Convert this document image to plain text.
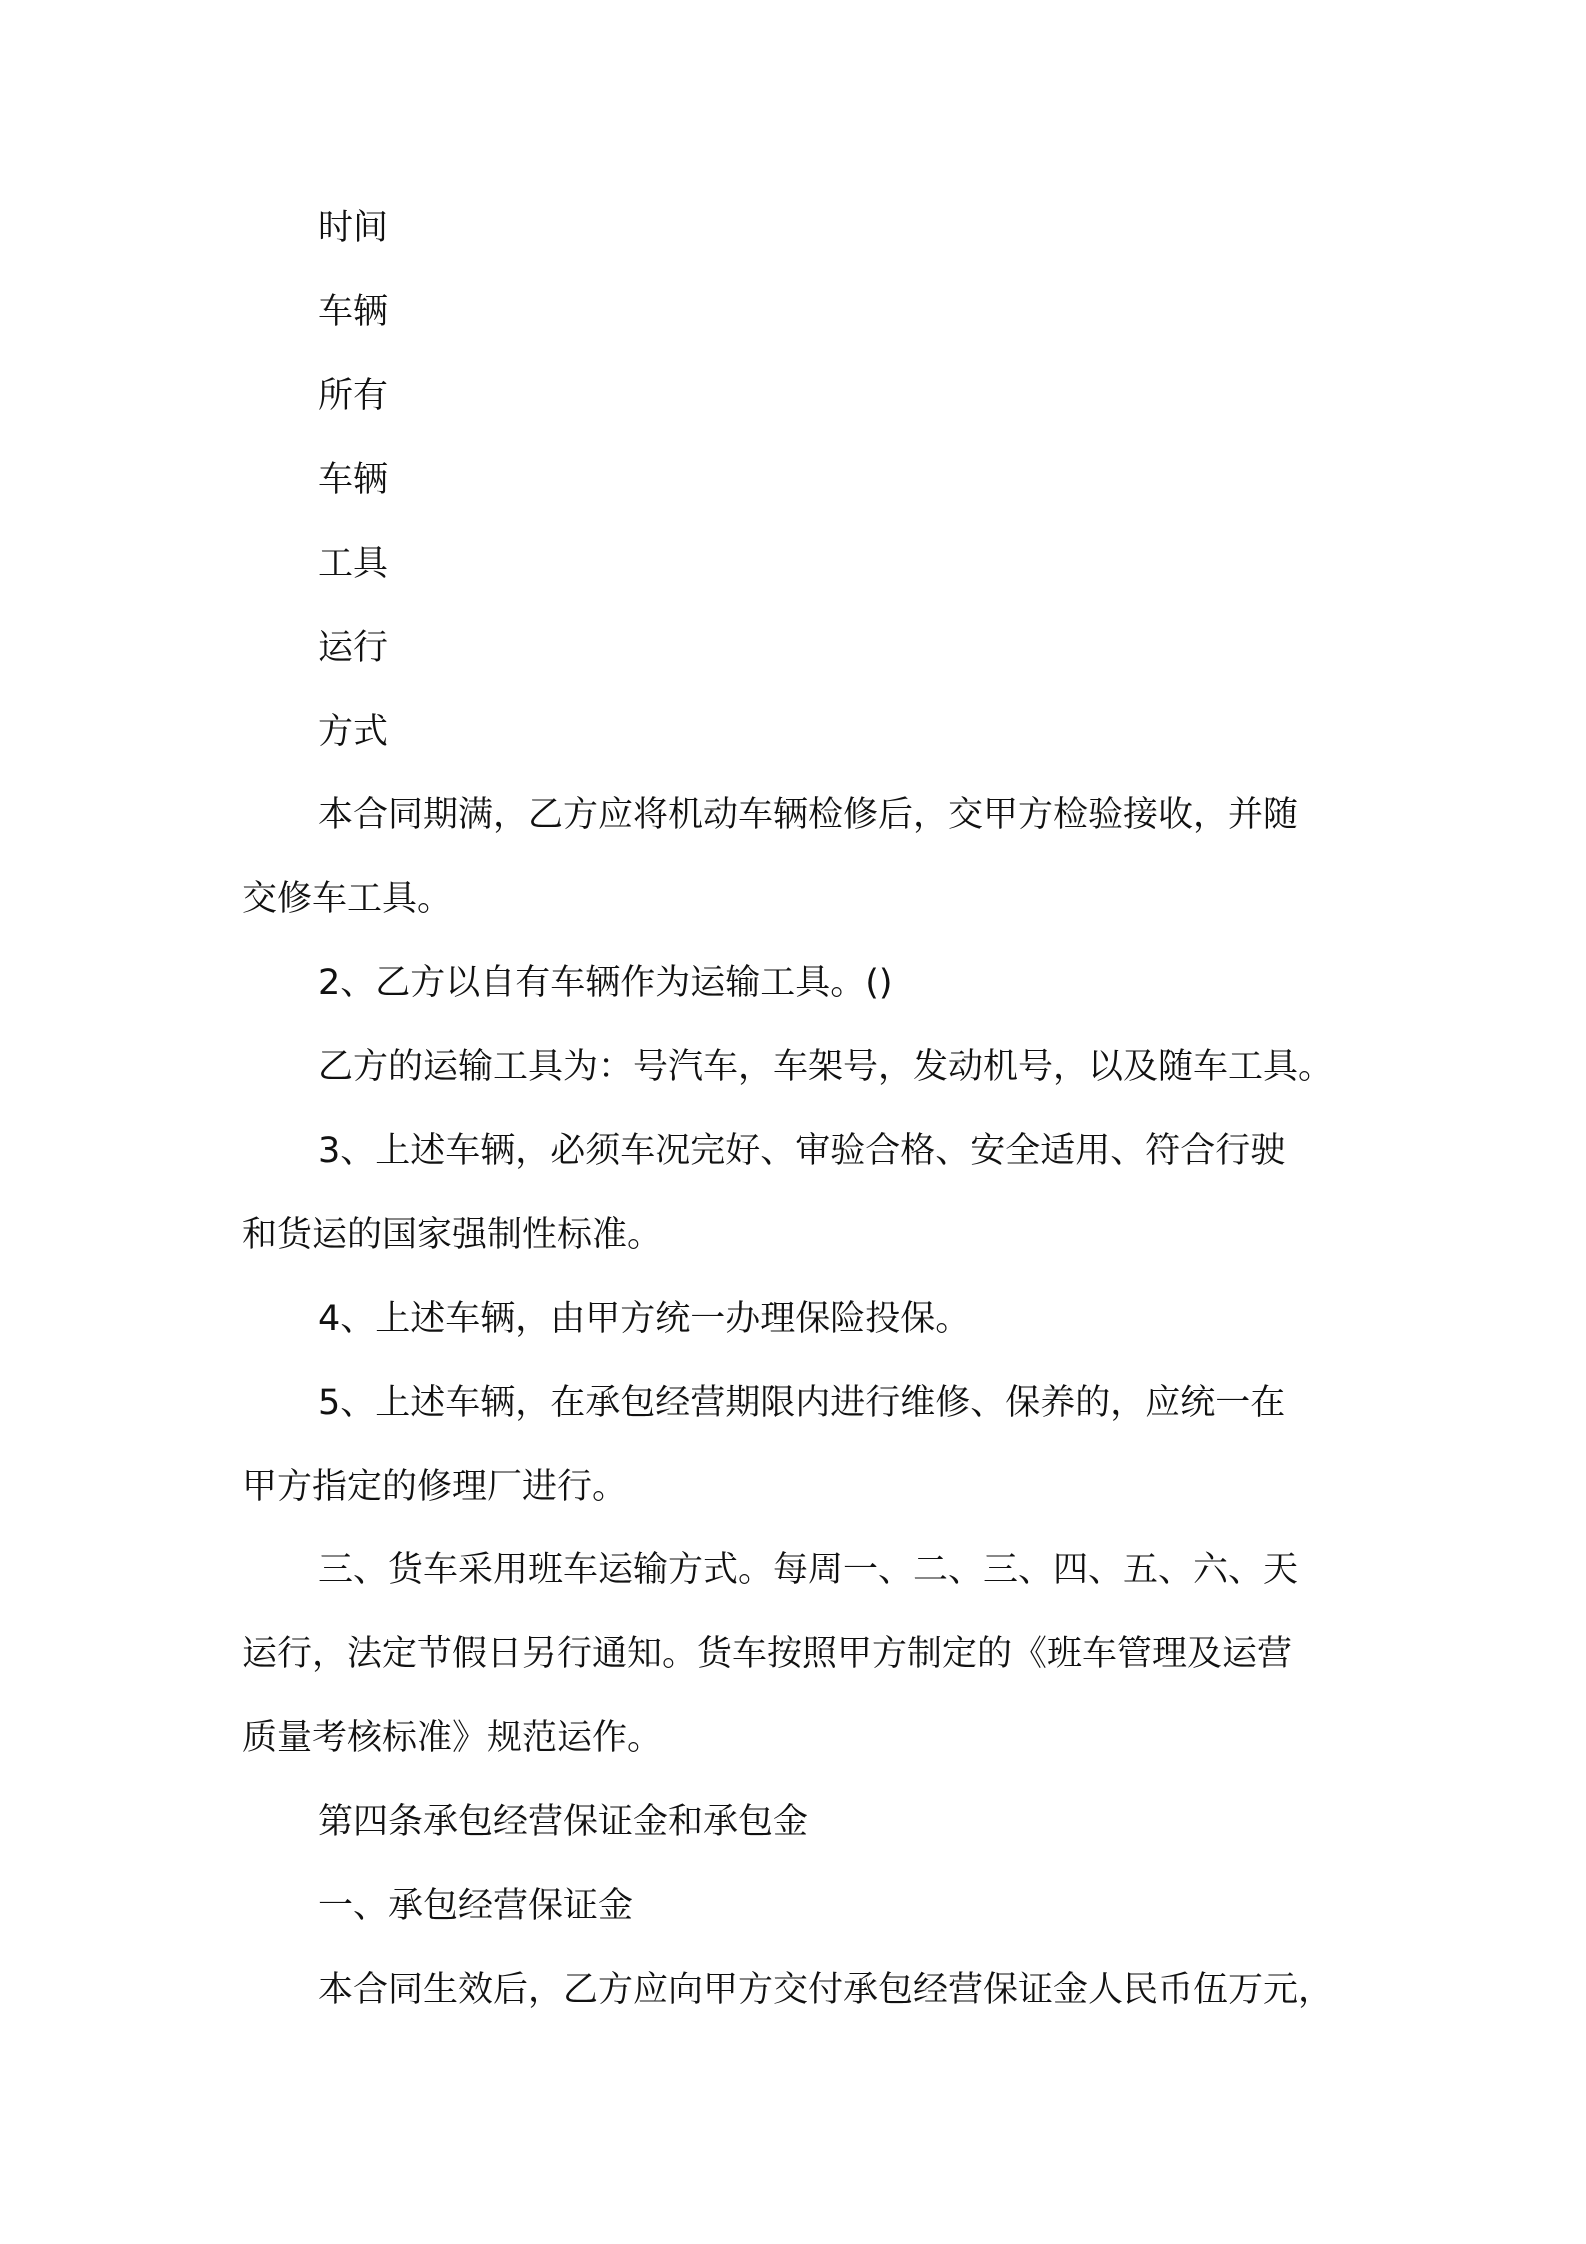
时间
车辆
所有
车辆
工具
运行
方式
本合同期满，乙方应将机动车辆检修后，交甲方检验接收，并随
交修车工具。
2、乙方以自有车辆作为运输工具。()
乙方的运输工具为：号汽车，车架号，发动机号，以及随车工具。
3、上述车辆，必须车况完好、审验合格、安全适用、符合行驶
和货运的国家强制性标准。
4、上述车辆，由甲方统一办理保险投保。
5、上述车辆，在承包经营期限内进行维修、保养的，应统一在
甲方指定的修理厂进行。
三、货车采用班车运输方式。每周一、二、三、四、五、六、天
运行，法定节假日另行通知。货车按照甲方制定的《班车管理及运营
质量考核标准》规范运作。
第四条承包经营保证金和承包金
一、承包经营保证金
本合同生效后，乙方应向甲方交付承包经营保证金人民币伍万元，
